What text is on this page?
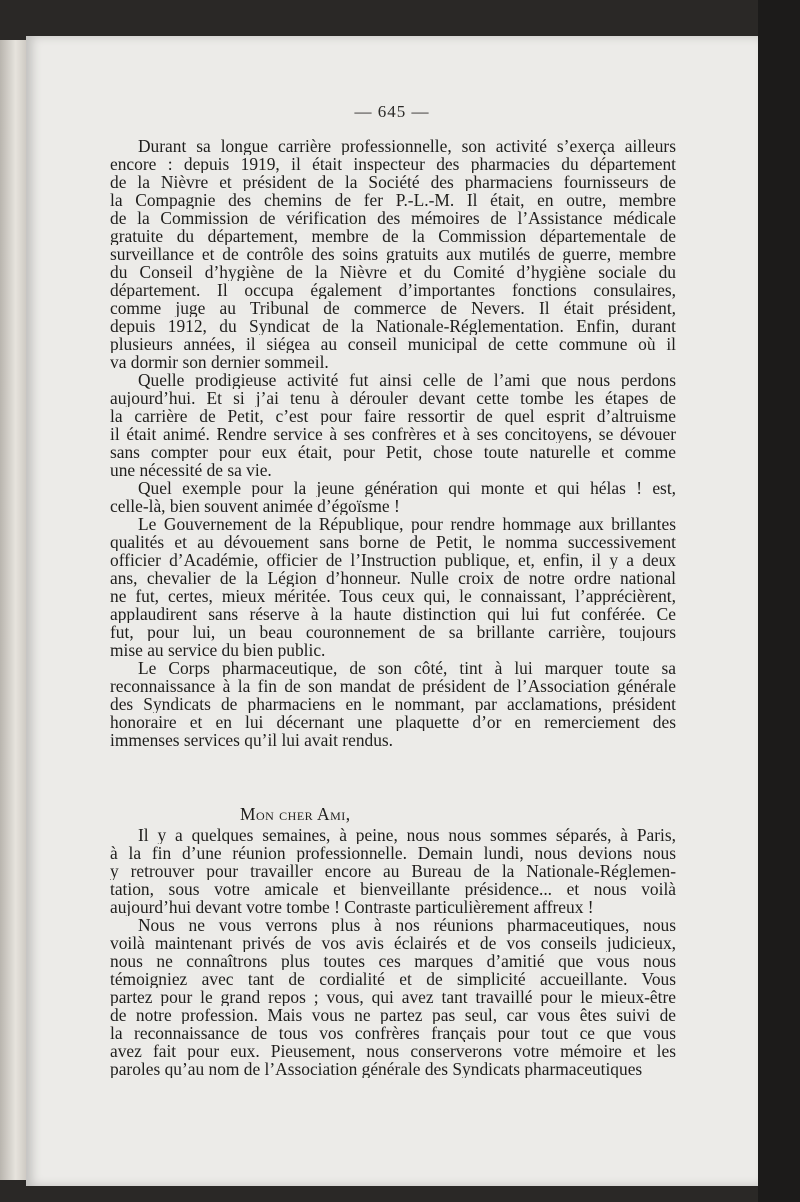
— 645 —
Durant sa longue carrière professionnelle, son activité s’exerça ailleurs
encore : depuis 1919, il était inspecteur des pharmacies du département
de la Nièvre et président de la Société des pharmaciens fournisseurs de
la Compagnie des chemins de fer P.-L.-M. Il était, en outre, membre
de la Commission de vérification des mémoires de l’Assistance médicale
gratuite du département, membre de la Commission départementale de
surveillance et de contrôle des soins gratuits aux mutilés de guerre, membre
du Conseil d’hygiène de la Nièvre et du Comité d’hygiène sociale du
département. Il occupa également d’importantes fonctions consulaires,
comme juge au Tribunal de commerce de Nevers. Il était président,
depuis 1912, du Syndicat de la Nationale-Réglementation. Enfin, durant
plusieurs années, il siégea au conseil municipal de cette commune où il
va dormir son dernier sommeil.
Quelle prodigieuse activité fut ainsi celle de l’ami que nous perdons
aujourd’hui. Et si j’ai tenu à dérouler devant cette tombe les étapes de
la carrière de Petit, c’est pour faire ressortir de quel esprit d’altruisme
il était animé. Rendre service à ses confrères et à ses concitoyens, se dévouer
sans compter pour eux était, pour Petit, chose toute naturelle et comme
une nécessité de sa vie.
Quel exemple pour la jeune génération qui monte et qui hélas ! est,
celle-là, bien souvent animée d’égoïsme !
Le Gouvernement de la République, pour rendre hommage aux brillantes
qualités et au dévouement sans borne de Petit, le nomma successivement
officier d’Académie, officier de l’Instruction publique, et, enfin, il y a deux
ans, chevalier de la Légion d’honneur. Nulle croix de notre ordre national
ne fut, certes, mieux méritée. Tous ceux qui, le connaissant, l’apprécièrent,
applaudirent sans réserve à la haute distinction qui lui fut conférée. Ce
fut, pour lui, un beau couronnement de sa brillante carrière, toujours
mise au service du bien public.
Le Corps pharmaceutique, de son côté, tint à lui marquer toute sa
reconnaissance à la fin de son mandat de président de l’Association générale
des Syndicats de pharmaciens en le nommant, par acclamations, président
honoraire et en lui décernant une plaquette d’or en remerciement des
immenses services qu’il lui avait rendus.
Mon cher Ami,
Il y a quelques semaines, à peine, nous nous sommes séparés, à Paris,
à la fin d’une réunion professionnelle. Demain lundi, nous devions nous
y retrouver pour travailler encore au Bureau de la Nationale-Réglemen-
tation, sous votre amicale et bienveillante présidence... et nous voilà
aujourd’hui devant votre tombe ! Contraste particulièrement affreux !
Nous ne vous verrons plus à nos réunions pharmaceutiques, nous
voilà maintenant privés de vos avis éclairés et de vos conseils judicieux,
nous ne connaîtrons plus toutes ces marques d’amitié que vous nous
témoigniez avec tant de cordialité et de simplicité accueillante. Vous
partez pour le grand repos ; vous, qui avez tant travaillé pour le mieux-être
de notre profession. Mais vous ne partez pas seul, car vous êtes suivi de
la reconnaissance de tous vos confrères français pour tout ce que vous
avez fait pour eux. Pieusement, nous conserverons votre mémoire et les
paroles qu’au nom de l’Association générale des Syndicats pharmaceutiques
